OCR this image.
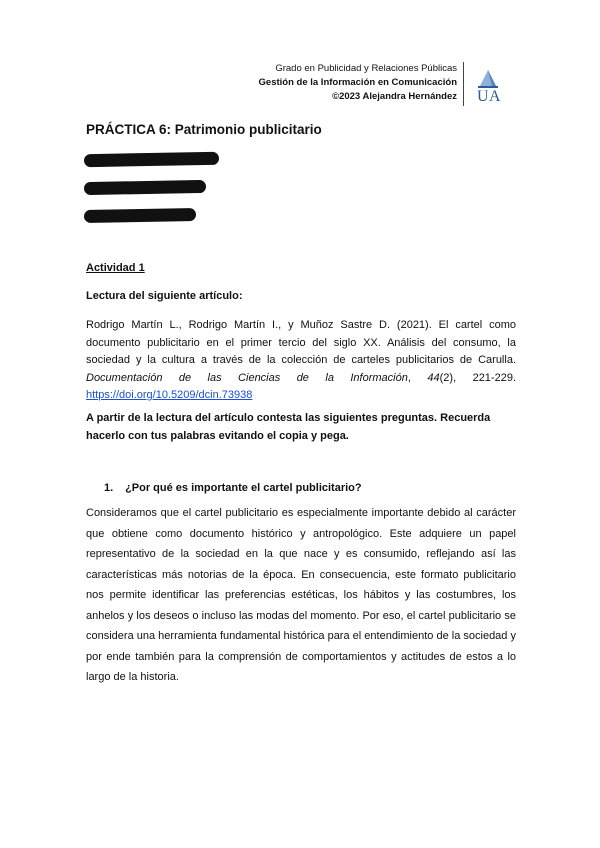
Grado en Publicidad y Relaciones Públicas
Gestión de la Información en Comunicación
©2023 Alejandra Hernández UA
PRÁCTICA 6: Patrimonio publicitario
Actividad 1
Lectura del siguiente artículo:
Rodrigo Martín L., Rodrigo Martín I., y Muñoz Sastre D. (2021). El cartel como documento publicitario en el primer tercio del siglo XX. Análisis del consumo, la sociedad y la cultura a través de la colección de carteles publicitarios de Carulla. Documentación de las Ciencias de la Información, 44(2), 221-229. https://doi.org/10.5209/dcin.73938
A partir de la lectura del artículo contesta las siguientes preguntas. Recuerda hacerlo con tus palabras evitando el copia y pega.
1. ¿Por qué es importante el cartel publicitario?
Consideramos que el cartel publicitario es especialmente importante debido al carácter que obtiene como documento histórico y antropológico. Este adquiere un papel representativo de la sociedad en la que nace y es consumido, reflejando así las características más notorias de la época. En consecuencia, este formato publicitario nos permite identificar las preferencias estéticas, los hábitos y las costumbres, los anhelos y los deseos o incluso las modas del momento. Por eso, el cartel publicitario se considera una herramienta fundamental histórica para el entendimiento de la sociedad y por ende también para la comprensión de comportamientos y actitudes de estos a lo largo de la historia.
